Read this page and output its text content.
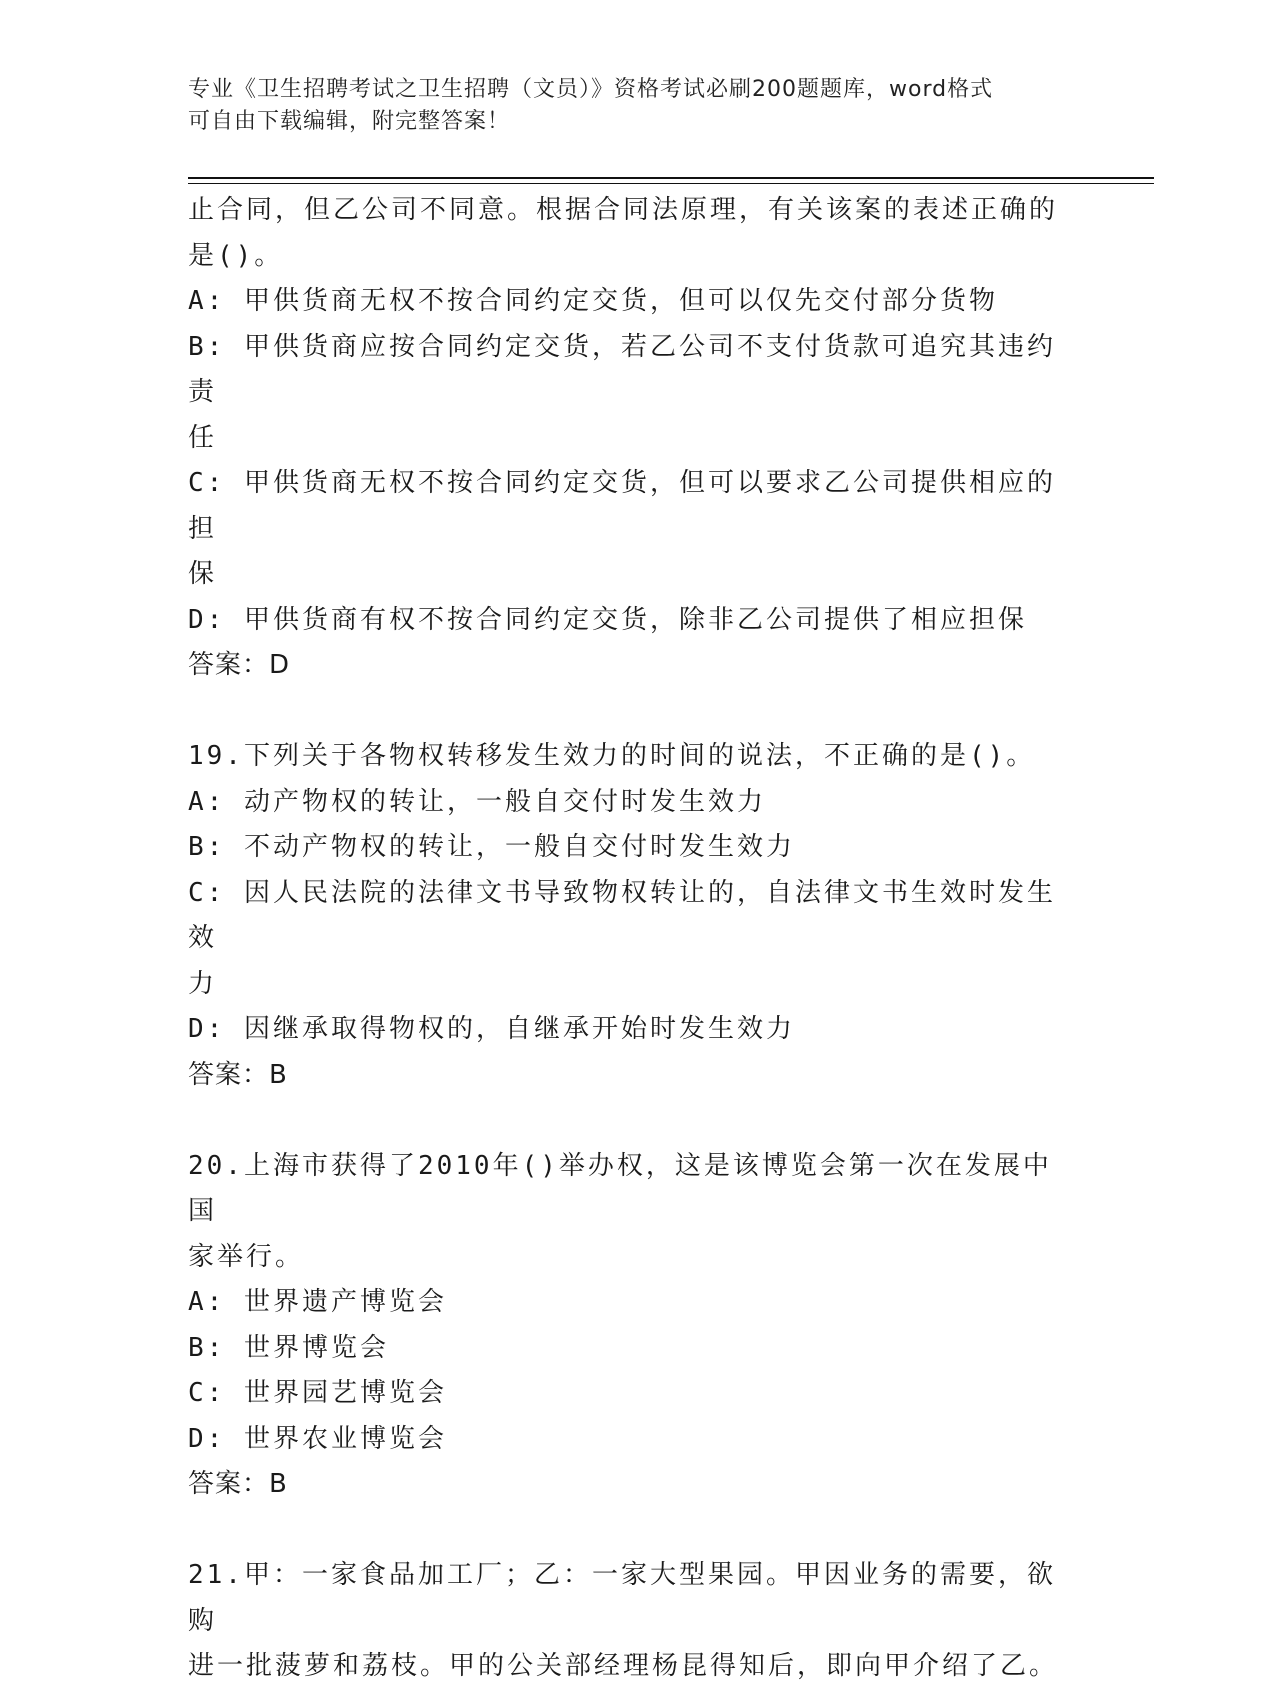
专业《卫生招聘考试之卫生招聘（文员）》资格考试必刷200题题库，word格式
可自由下载编辑，附完整答案！
止合同，但乙公司不同意。根据合同法原理，有关该案的表述正确的
是()。
A: 甲供货商无权不按合同约定交货，但可以仅先交付部分货物
B: 甲供货商应按合同约定交货，若乙公司不支付货款可追究其违约责
任
C: 甲供货商无权不按合同约定交货，但可以要求乙公司提供相应的担
保
D: 甲供货商有权不按合同约定交货，除非乙公司提供了相应担保
答案：D
19.下列关于各物权转移发生效力的时间的说法，不正确的是()。
A: 动产物权的转让，一般自交付时发生效力
B: 不动产物权的转让，一般自交付时发生效力
C: 因人民法院的法律文书导致物权转让的，自法律文书生效时发生效
力
D: 因继承取得物权的，自继承开始时发生效力
答案：B
20.上海市获得了2010年()举办权，这是该博览会第一次在发展中国
家举行。
A: 世界遗产博览会
B: 世界博览会
C: 世界园艺博览会
D: 世界农业博览会
答案：B
21.甲：一家食品加工厂；乙：一家大型果园。甲因业务的需要，欲购
进一批菠萝和荔枝。甲的公关部经理杨昆得知后，即向甲介绍了乙。
